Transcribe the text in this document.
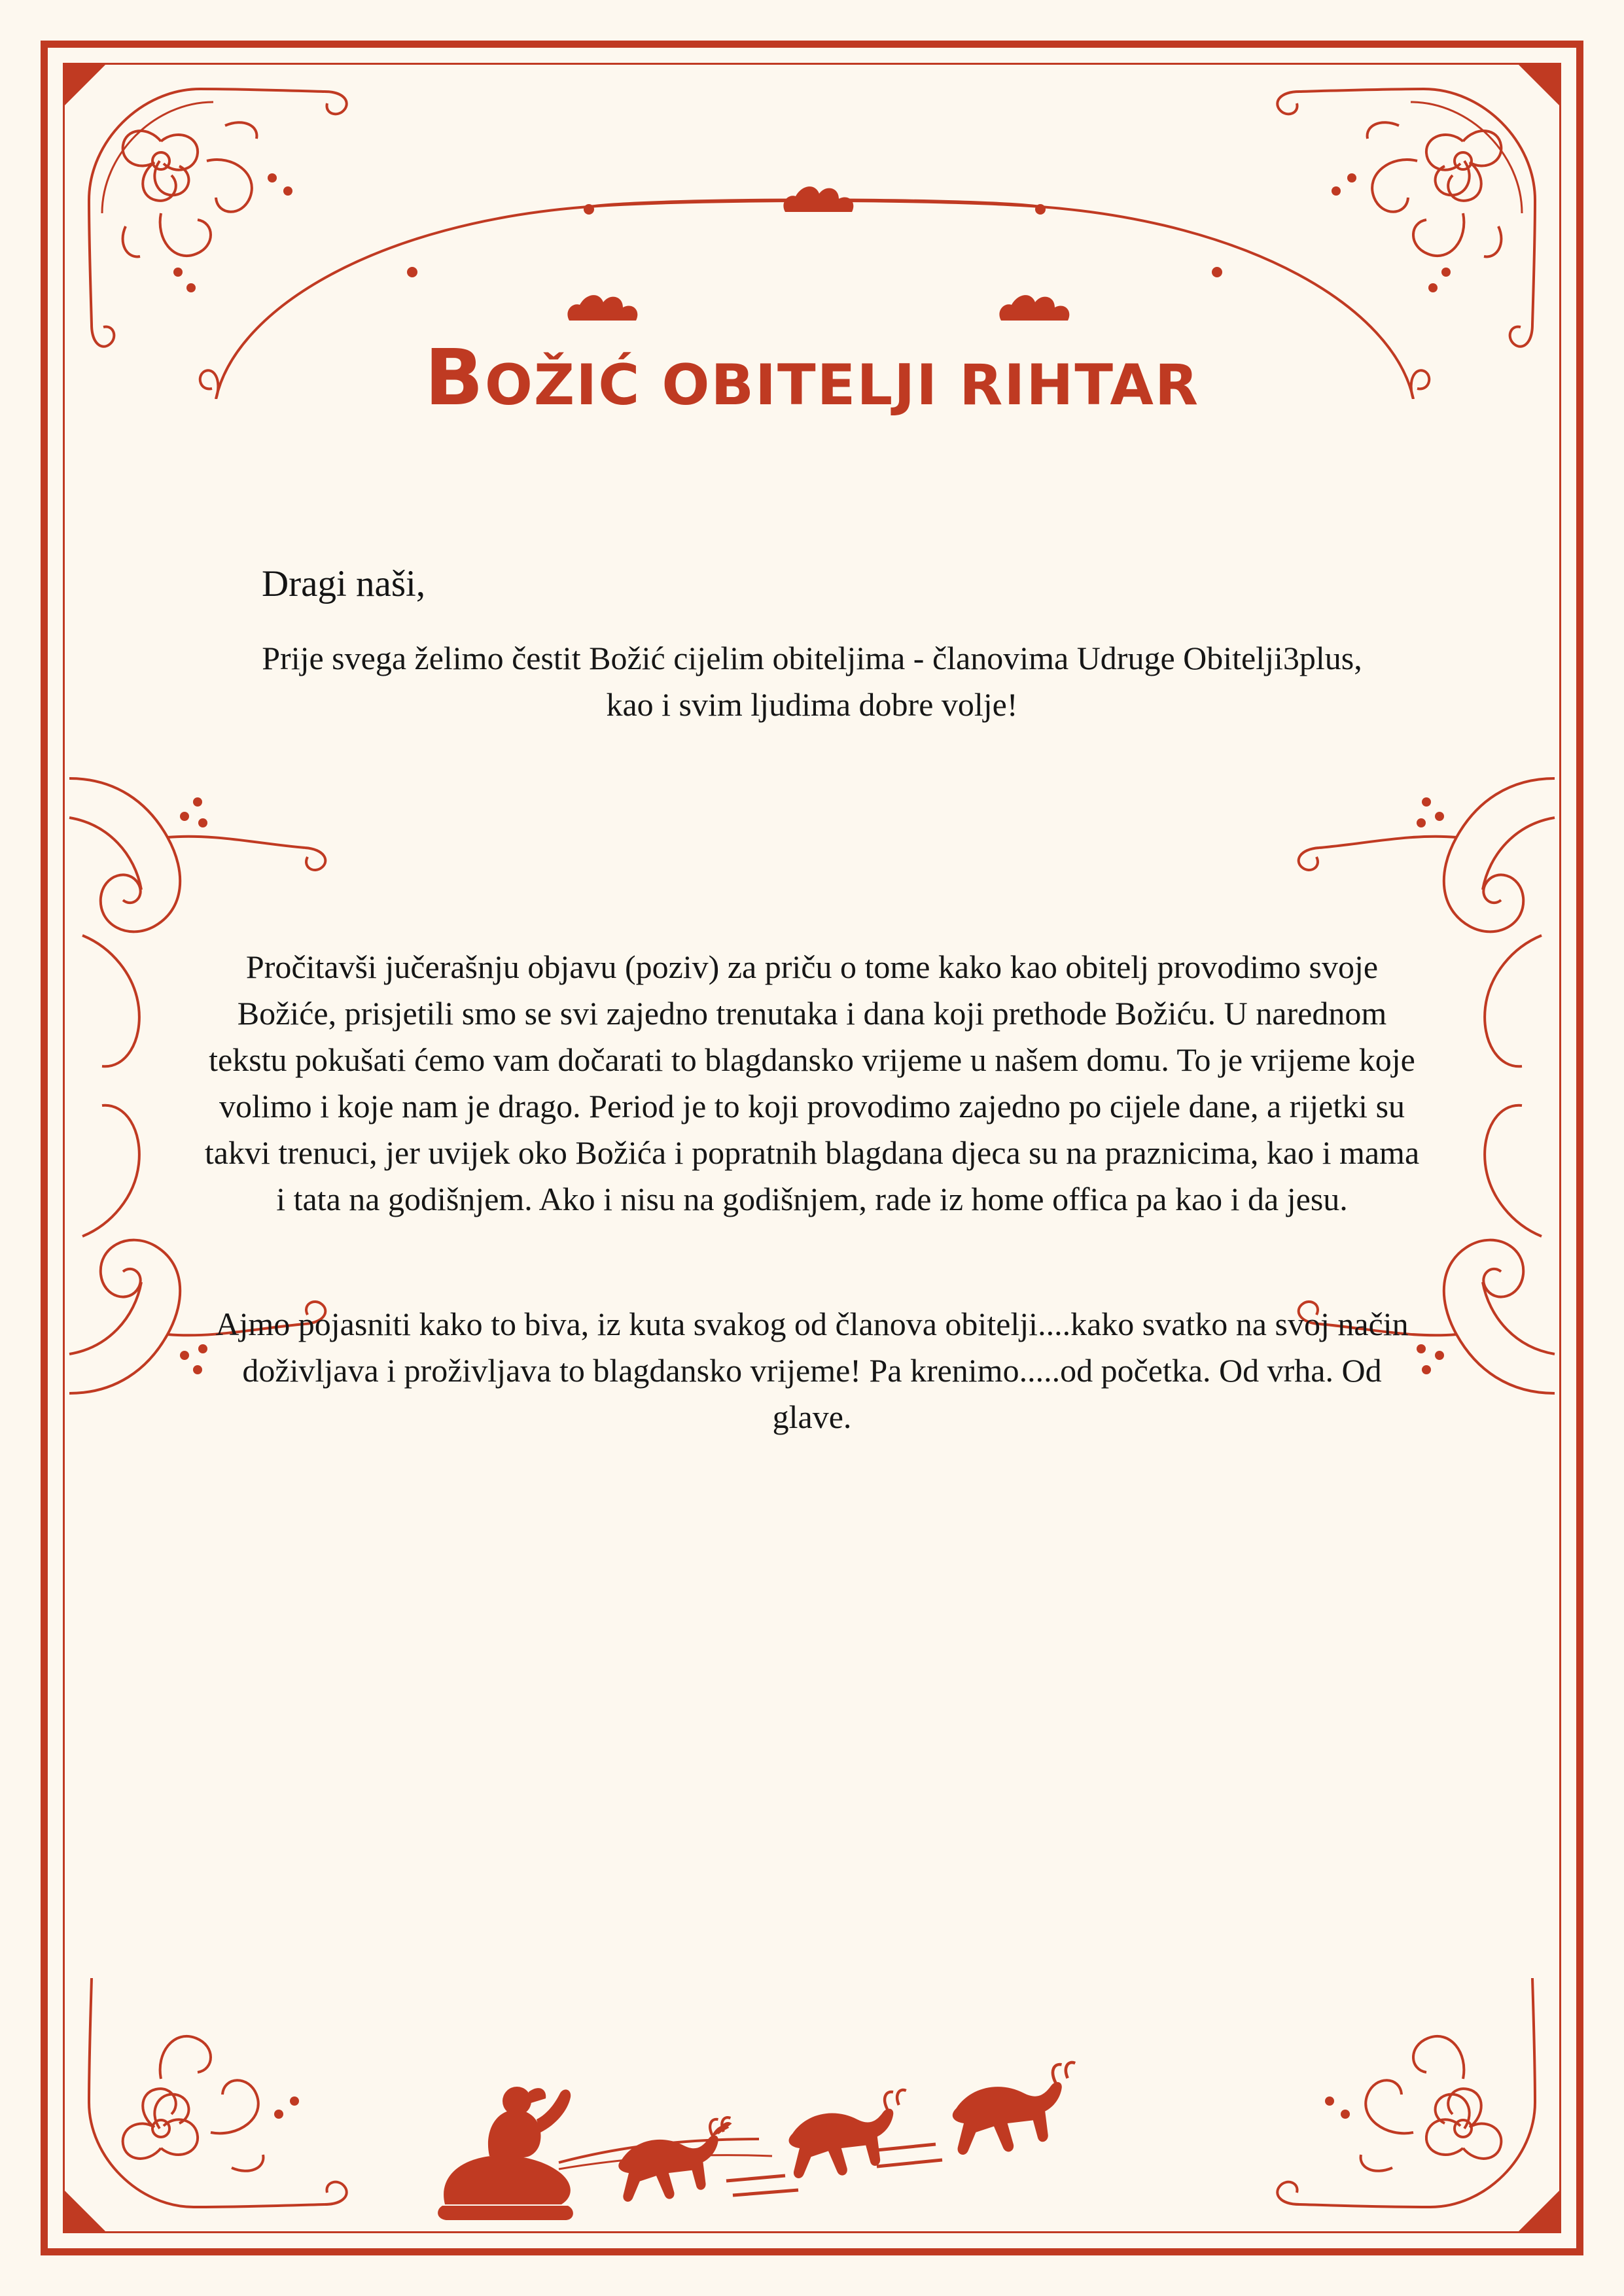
BOŽIĆ OBITELJI RIHTAR
Dragi naši,

Prije svega želimo čestit Božić cijelim obiteljima - članovima Udruge Obitelji3plus, kao i svim ljudima dobre volje!

Pročitavši jučerašnju objavu (poziv) za priču o tome kako kao obitelj provodimo svoje Božiće, prisjetili smo se svi zajedno trenutaka i dana koji prethode Božiću. U narednom tekstu pokušati ćemo vam dočarati to blagdansko vrijeme u našem domu. To je vrijeme koje volimo i koje nam je drago. Period je to koji provodimo zajedno po cijele dane, a rijetki su takvi trenuci, jer uvijek oko Božića i popratnih blagdana djeca su na praznicima, kao i mama i tata na godišnjem. Ako i nisu na godišnjem, rade iz home offica pa kao i da jesu.

Ajmo pojasniti kako to biva, iz kuta svakog od članova obitelji....kako svatko na svoj način doživljava i proživljava to blagdansko vrijeme! Pa krenimo.....od početka. Od vrha. Od glave.
